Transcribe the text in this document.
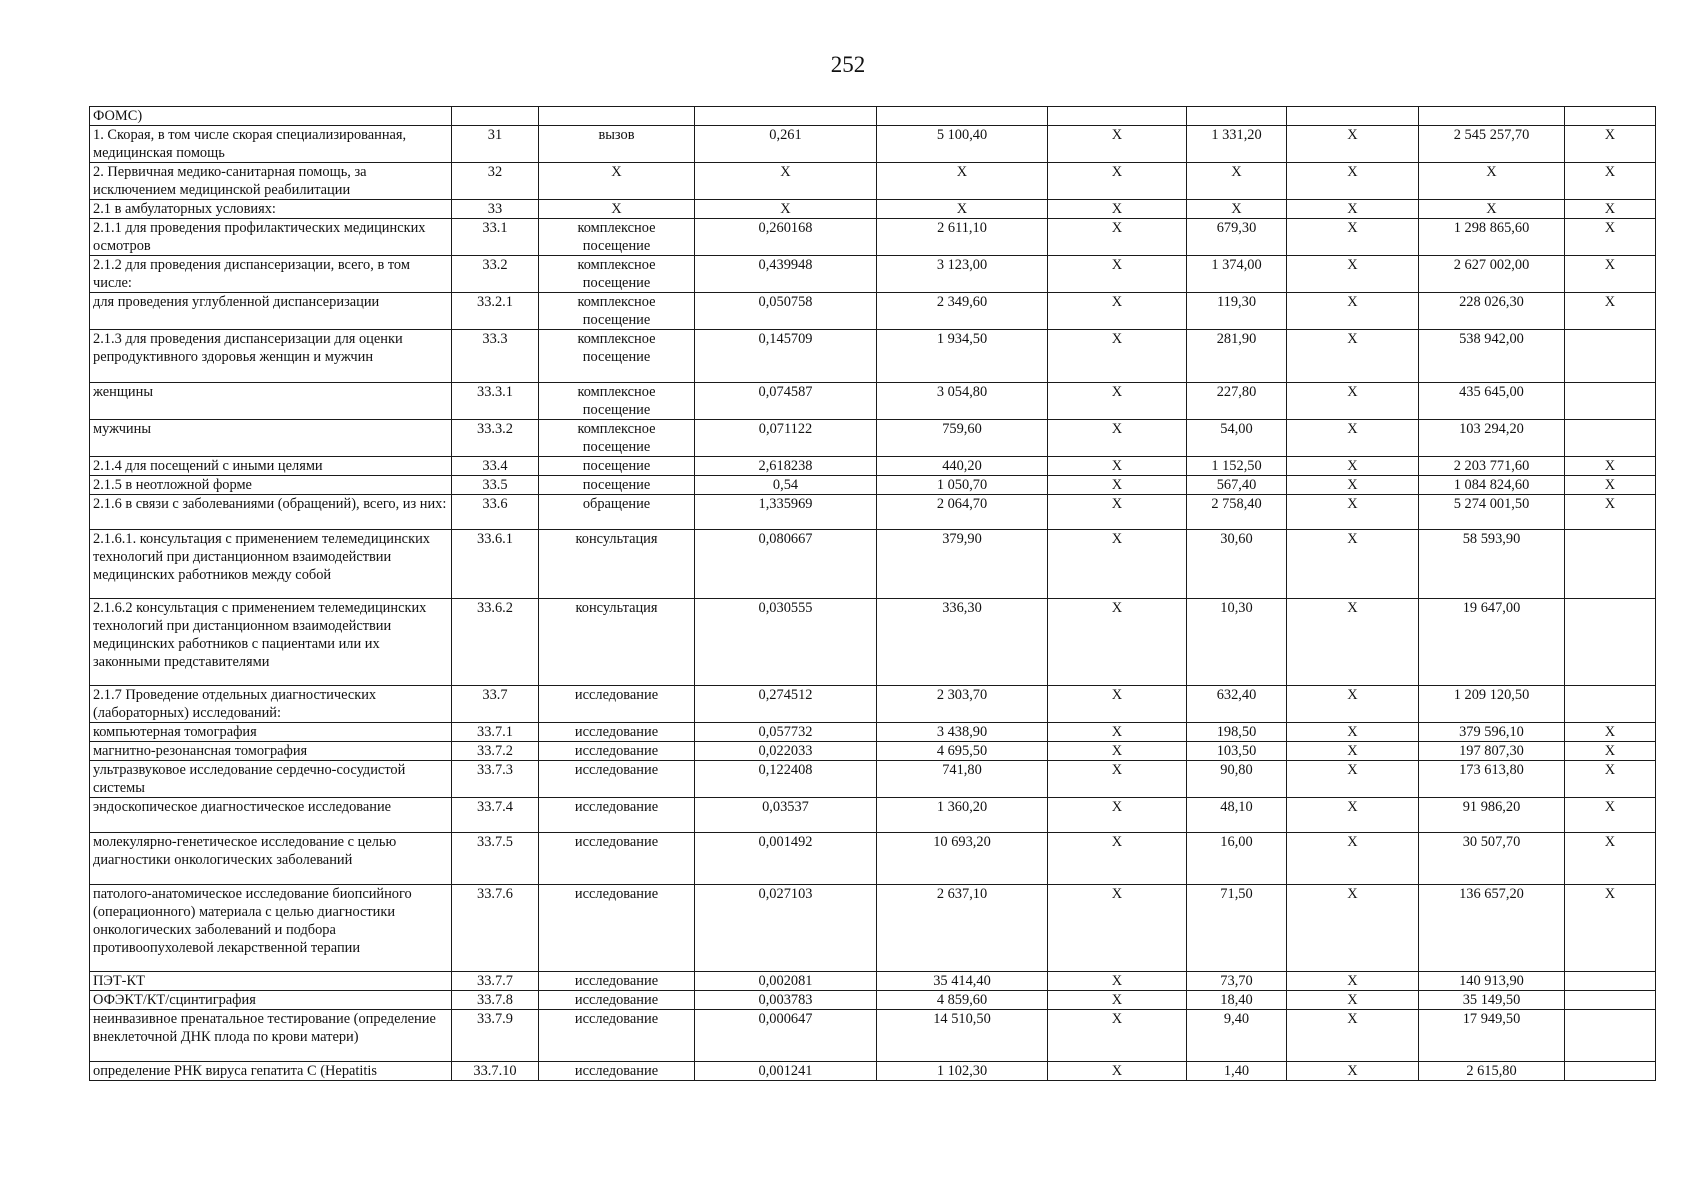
252
ФОМС)									
1. Скорая, в том числе скорая специализированная, медицинская помощь	31	вызов	0,261	5 100,40	Х	1 331,20	Х	2 545 257,70	Х
2. Первичная медико-санитарная помощь, за исключением медицинской реабилитации	32	Х	Х	Х	Х	Х	Х	Х	Х
2.1 в амбулаторных условиях:	33	Х	Х	Х	Х	Х	Х	Х	Х
2.1.1 для проведения профилактических медицинских осмотров	33.1	комплексное посещение	0,260168	2 611,10	Х	679,30	Х	1 298 865,60	Х
2.1.2 для проведения диспансеризации, всего, в том числе:	33.2	комплексное посещение	0,439948	3 123,00	Х	1 374,00	Х	2 627 002,00	Х
для проведения углубленной диспансеризации	33.2.1	комплексное посещение	0,050758	2 349,60	Х	119,30	Х	228 026,30	Х
2.1.3 для проведения диспансеризации для оценки репродуктивного здоровья женщин и мужчин	33.3	комплексное посещение	0,145709	1 934,50	Х	281,90	Х	538 942,00	
женщины	33.3.1	комплексное посещение	0,074587	3 054,80	Х	227,80	Х	435 645,00	
мужчины	33.3.2	комплексное посещение	0,071122	759,60	Х	54,00	Х	103 294,20	
2.1.4 для посещений с иными целями	33.4	посещение	2,618238	440,20	Х	1 152,50	Х	2 203 771,60	Х
2.1.5 в неотложной форме	33.5	посещение	0,54	1 050,70	Х	567,40	Х	1 084 824,60	Х
2.1.6 в связи с заболеваниями (обращений), всего, из них:	33.6	обращение	1,335969	2 064,70	Х	2 758,40	Х	5 274 001,50	Х
2.1.6.1. консультация с применением телемедицинских технологий при дистанционном взаимодействии медицинских работников между собой	33.6.1	консультация	0,080667	379,90	Х	30,60	Х	58 593,90	
2.1.6.2 консультация с применением телемедицинских технологий при дистанционном взаимодействии медицинских работников с пациентами или их законными представителями	33.6.2	консультация	0,030555	336,30	Х	10,30	Х	19 647,00	
2.1.7 Проведение отдельных диагностических (лабораторных) исследований:	33.7	исследование	0,274512	2 303,70	Х	632,40	Х	1 209 120,50	
компьютерная томография	33.7.1	исследование	0,057732	3 438,90	Х	198,50	Х	379 596,10	Х
магнитно-резонансная томография	33.7.2	исследование	0,022033	4 695,50	Х	103,50	Х	197 807,30	Х
ультразвуковое исследование сердечно-сосудистой системы	33.7.3	исследование	0,122408	741,80	Х	90,80	Х	173 613,80	Х
эндоскопическое диагностическое исследование	33.7.4	исследование	0,03537	1 360,20	Х	48,10	Х	91 986,20	Х
молекулярно-генетическое исследование с целью диагностики онкологических заболеваний	33.7.5	исследование	0,001492	10 693,20	Х	16,00	Х	30 507,70	Х
патолого-анатомическое исследование биопсийного (операционного) материала с целью диагностики онкологических заболеваний и подбора противоопухолевой лекарственной терапии	33.7.6	исследование	0,027103	2 637,10	Х	71,50	Х	136 657,20	Х
ПЭТ-КТ	33.7.7	исследование	0,002081	35 414,40	Х	73,70	Х	140 913,90	
ОФЭКТ/КТ/сцинтиграфия	33.7.8	исследование	0,003783	4 859,60	Х	18,40	Х	35 149,50	
неинвазивное пренатальное тестирование (определение внеклеточной ДНК плода по крови матери)	33.7.9	исследование	0,000647	14 510,50	Х	9,40	Х	17 949,50	
определение РНК вируса гепатита С (Hepatitis	33.7.10	исследование	0,001241	1 102,30	Х	1,40	Х	2 615,80	
